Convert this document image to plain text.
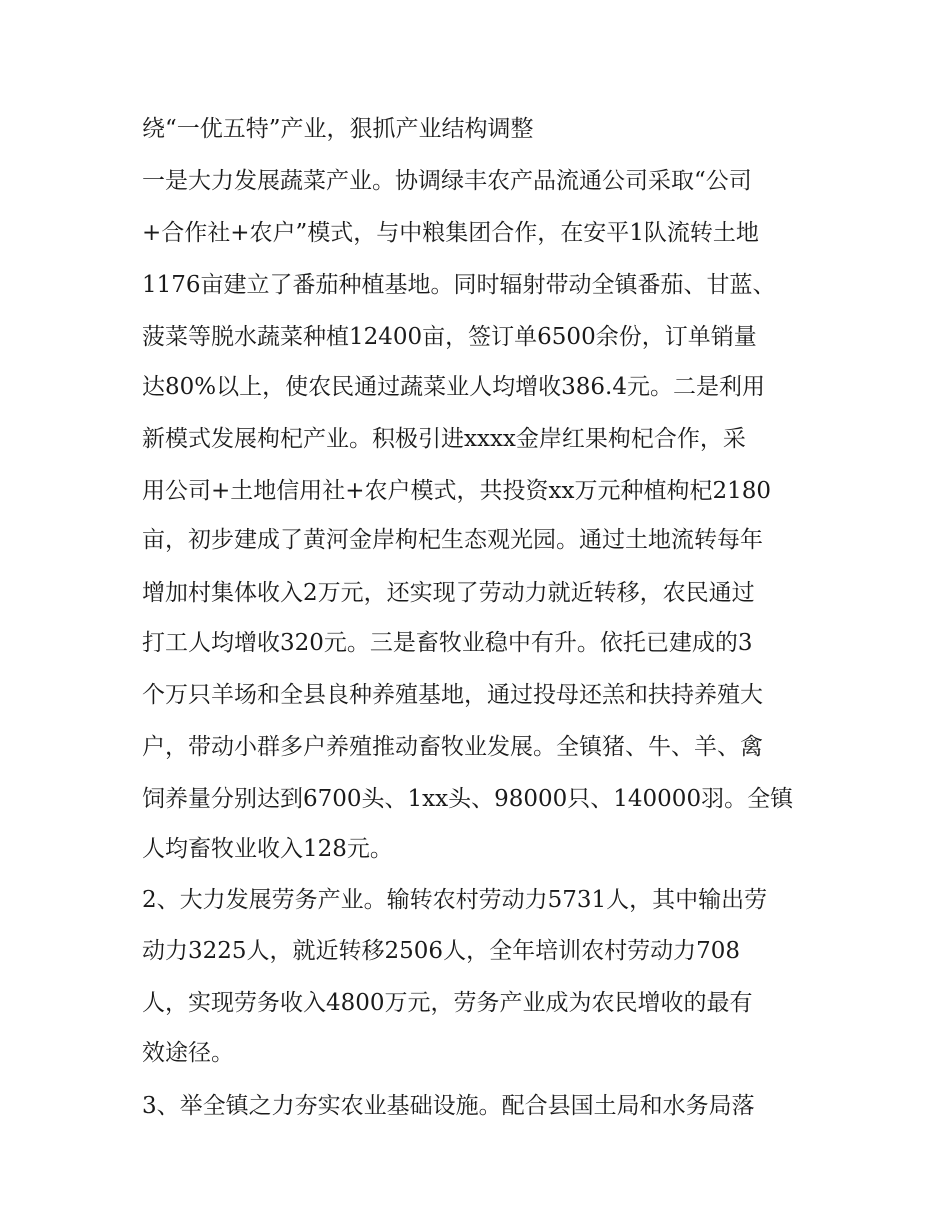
绕“一优五特”产业，狠抓产业结构调整
一是大力发展蔬菜产业。协调绿丰农产品流通公司采取“公司
+合作社+农户”模式，与中粮集团合作，在安平1队流转土地
1176亩建立了番茄种植基地。同时辐射带动全镇番茄、甘蓝、
菠菜等脱水蔬菜种植12400亩，签订单6500余份，订单销量
达80%以上，使农民通过蔬菜业人均增收386.4元。二是利用
新模式发展枸杞产业。积极引进xxxx金岸红果枸杞合作，采
用公司+土地信用社+农户模式，共投资xx万元种植枸杞2180
亩，初步建成了黄河金岸枸杞生态观光园。通过土地流转每年
增加村集体收入2万元，还实现了劳动力就近转移，农民通过
打工人均增收320元。三是畜牧业稳中有升。依托已建成的3
个万只羊场和全县良种养殖基地，通过投母还羔和扶持养殖大
户，带动小群多户养殖推动畜牧业发展。全镇猪、牛、羊、禽
饲养量分别达到6700头、1xx头、98000只、140000羽。全镇
人均畜牧业收入128元。
2、大力发展劳务产业。输转农村劳动力5731人，其中输出劳
动力3225人，就近转移2506人，全年培训农村劳动力708
人，实现劳务收入4800万元，劳务产业成为农民增收的最有
效途径。
3、举全镇之力夯实农业基础设施。配合县国土局和水务局落
